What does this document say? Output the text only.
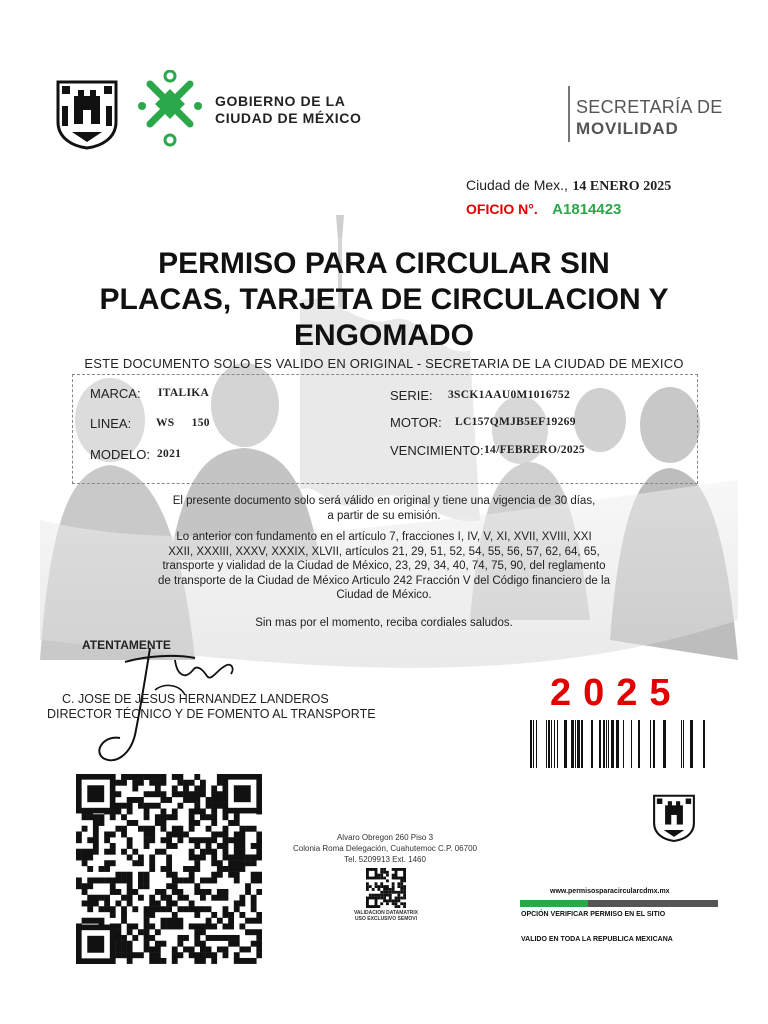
GOBIERNO DE LA
CIUDAD DE MÉXICO
SECRETARÍA DE
MOVILIDAD
Ciudad de Mex., 14 ENERO 2025
OFICIO N°. A1814423
PERMISO PARA CIRCULAR SIN
PLACAS, TARJETA DE CIRCULACION Y
ENGOMADO
ESTE DOCUMENTO SOLO ES VALIDO EN ORIGINAL - SECRETARIA DE LA CIUDAD DE MEXICO
MARCA: ITALIKA
LINEA: WS 150
MODELO: 2021
SERIE: 3SCK1AAU0M1016752
MOTOR: LC157QMJB5EF19269
VENCIMIENTO: 14/FEBRERO/2025
El presente documento solo será válido en original y tiene una vigencia de 30 días,
a partir de su emisión.
Lo anterior con fundamento en el artículo 7, fracciones I, IV, V, XI, XVII, XVIII, XXI
XXII, XXXIII, XXXV, XXXIX, XLVII, artículos 21, 29, 51, 52, 54, 55, 56, 57, 62, 64, 65,
transporte y vialidad de la Ciudad de México, 23, 29, 34, 40, 74, 75, 90, del reglamento
de transporte de la Ciudad de México Articulo 242 Fracción V del Código financiero de la
Ciudad de México.
Sin mas por el momento, reciba cordiales saludos.
ATENTAMENTE
C. JOSE DE JESUS HERNANDEZ LANDEROS
DIRECTOR TÉCNICO Y DE FOMENTO AL TRANSPORTE	2025
Alvaro Obregon 260 Piso 3
Colonia Roma Delegación, Cuahutemoc C.P. 06700
Tel. 5209913 Ext. 1460
VALIDACION DATAMATRIX
USO EXCLUSIVO SEMOVI
www.permisosparacircularcdmx.mx
OPCIÓN VERIFICAR PERMISO EN EL SITIO
VALIDO EN TODA LA REPUBLICA MEXICANA
